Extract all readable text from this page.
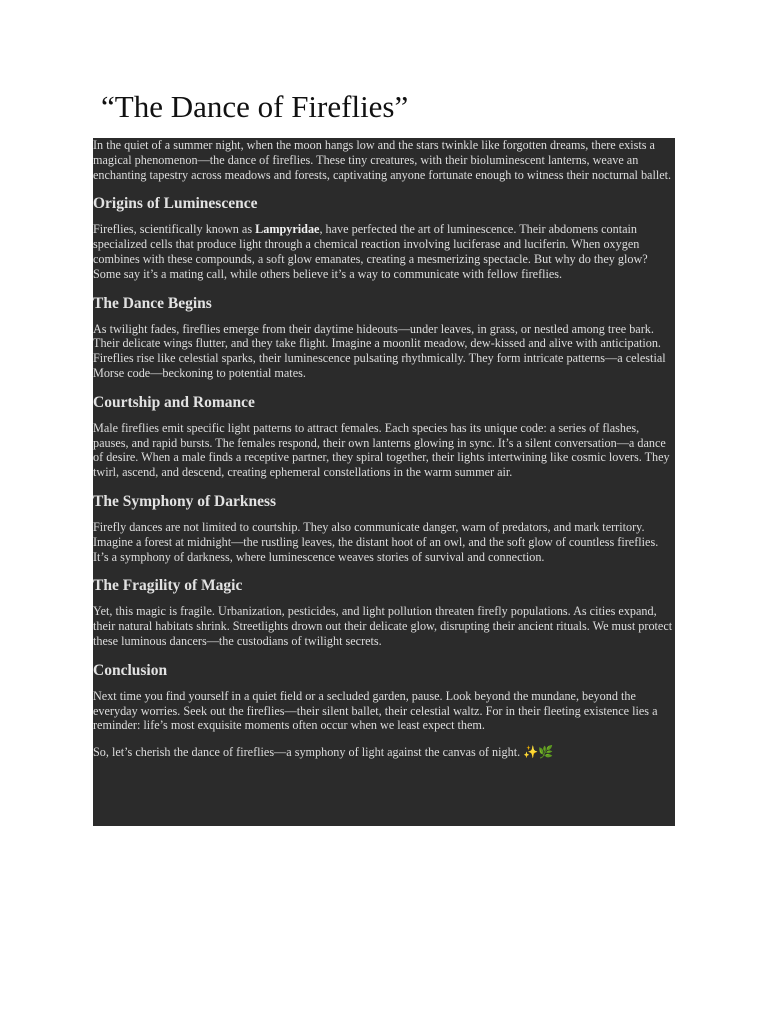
“The Dance of Fireflies”

In the quiet of a summer night, when the moon hangs low and the stars twinkle like forgotten dreams, there exists a magical phenomenon—the dance of fireflies. These tiny creatures, with their bioluminescent lanterns, weave an enchanting tapestry across meadows and forests, captivating anyone fortunate enough to witness their nocturnal ballet.

Origins of Luminescence

Fireflies, scientifically known as Lampyridae, have perfected the art of luminescence. Their abdomens contain specialized cells that produce light through a chemical reaction involving luciferase and luciferin. When oxygen combines with these compounds, a soft glow emanates, creating a mesmerizing spectacle. But why do they glow? Some say it’s a mating call, while others believe it’s a way to communicate with fellow fireflies.

The Dance Begins

As twilight fades, fireflies emerge from their daytime hideouts—under leaves, in grass, or nestled among tree bark. Their delicate wings flutter, and they take flight. Imagine a moonlit meadow, dew-kissed and alive with anticipation. Fireflies rise like celestial sparks, their luminescence pulsating rhythmically. They form intricate patterns—a celestial Morse code—beckoning to potential mates.

Courtship and Romance

Male fireflies emit specific light patterns to attract females. Each species has its unique code: a series of flashes, pauses, and rapid bursts. The females respond, their own lanterns glowing in sync. It’s a silent conversation—a dance of desire. When a male finds a receptive partner, they spiral together, their lights intertwining like cosmic lovers. They twirl, ascend, and descend, creating ephemeral constellations in the warm summer air.

The Symphony of Darkness

Firefly dances are not limited to courtship. They also communicate danger, warn of predators, and mark territory. Imagine a forest at midnight—the rustling leaves, the distant hoot of an owl, and the soft glow of countless fireflies. It’s a symphony of darkness, where luminescence weaves stories of survival and connection.

The Fragility of Magic

Yet, this magic is fragile. Urbanization, pesticides, and light pollution threaten firefly populations. As cities expand, their natural habitats shrink. Streetlights drown out their delicate glow, disrupting their ancient rituals. We must protect these luminous dancers—the custodians of twilight secrets.

Conclusion

Next time you find yourself in a quiet field or a secluded garden, pause. Look beyond the mundane, beyond the everyday worries. Seek out the fireflies—their silent ballet, their celestial waltz. For in their fleeting existence lies a reminder: life’s most exquisite moments often occur when we least expect them.

So, let’s cherish the dance of fireflies—a symphony of light against the canvas of night. ✨🌿
